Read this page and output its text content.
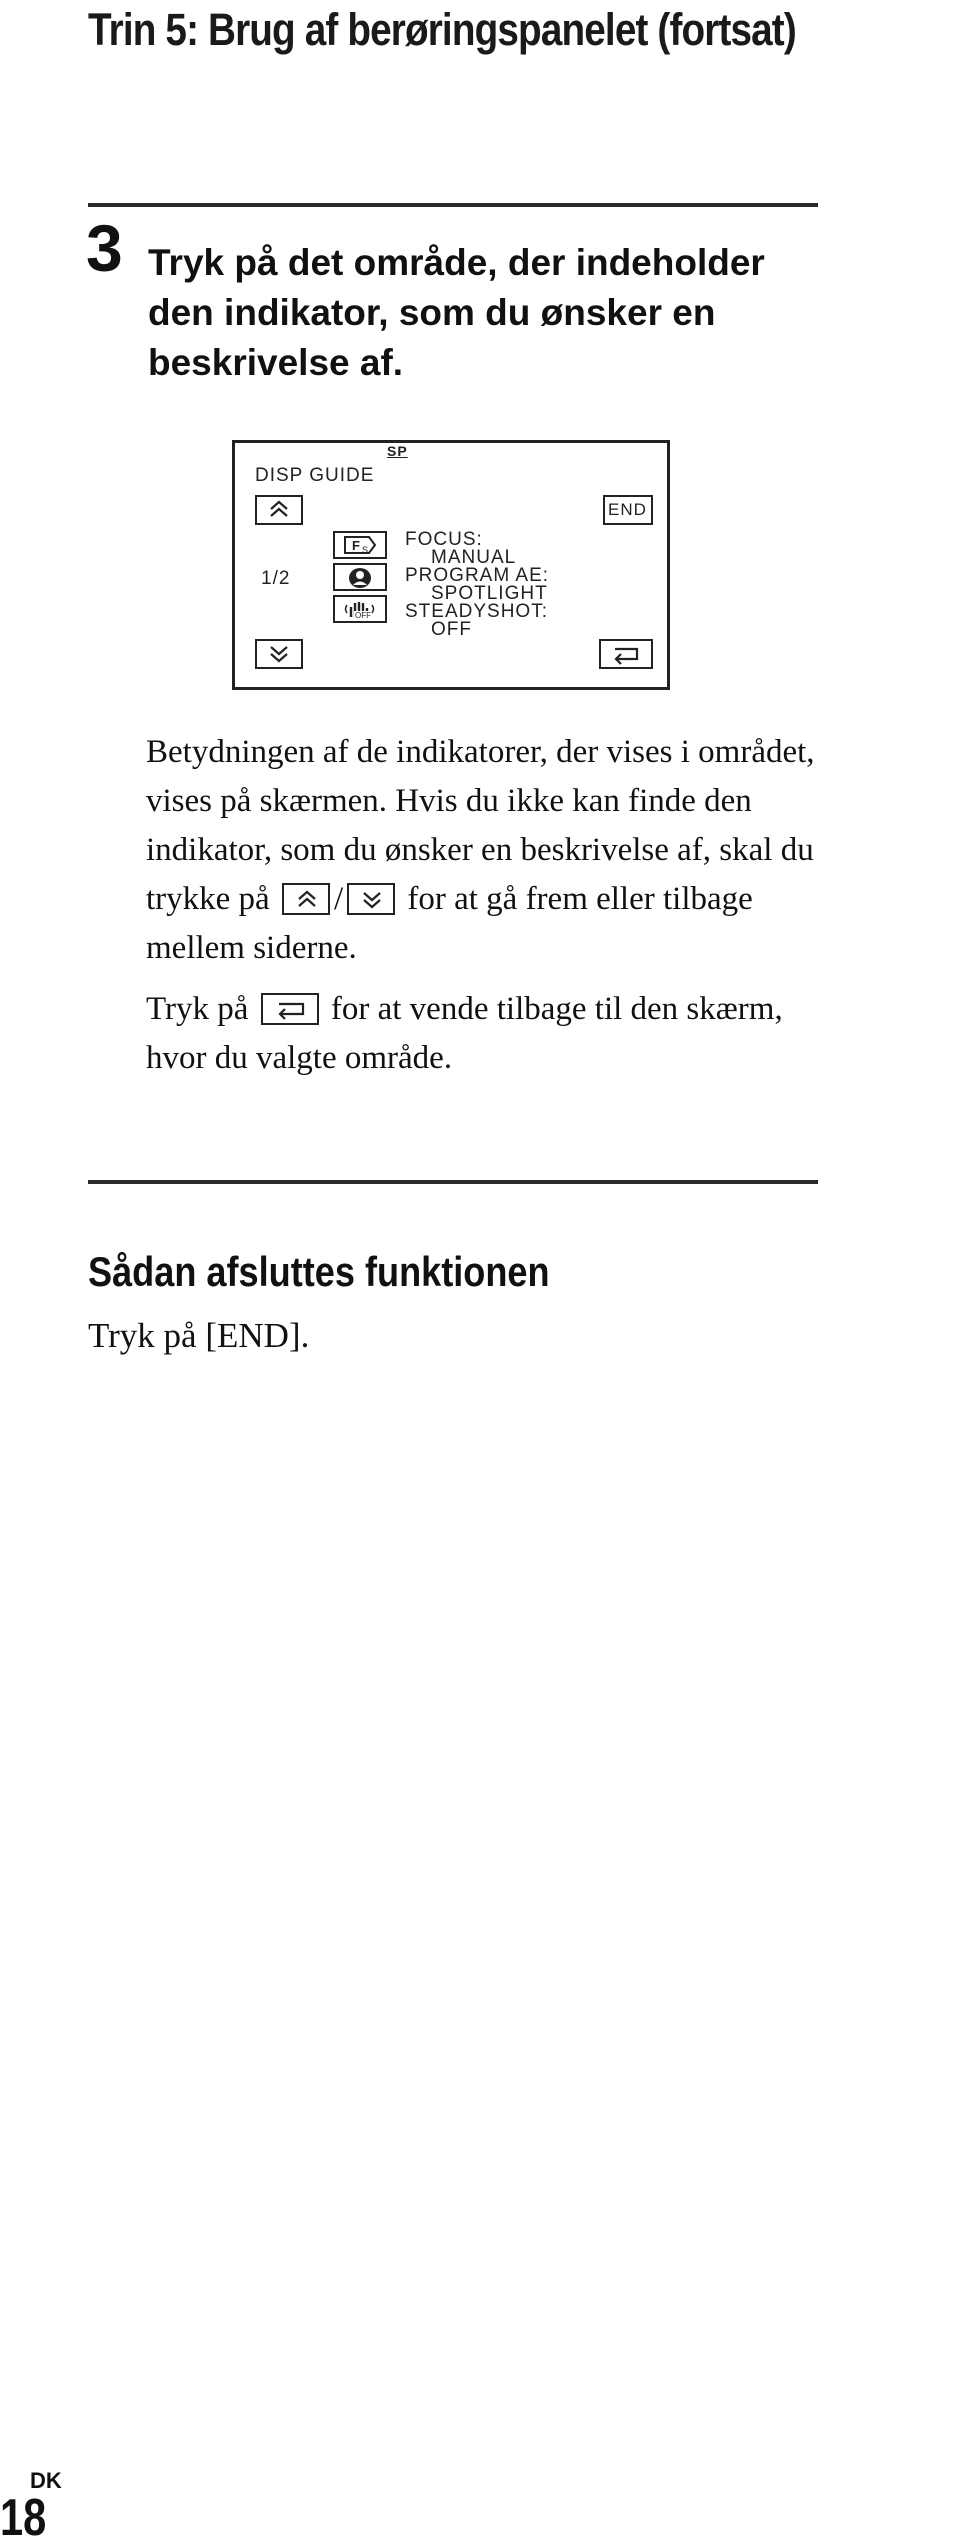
Trin 5: Brug af berøringspanelet (fortsat)
3 Tryk på det område, der indeholder den indikator, som du ønsker en beskrivelse af.
SP
DISP GUIDE
END
1/2
F S
OFF
FOCUS:
MANUAL
PROGRAM AE:
SPOTLIGHT
STEADYSHOT:
OFF

Betydningen af de indikatorer, der vises i området, vises på skærmen. Hvis du ikke kan finde den indikator, som du ønsker en beskrivelse af, skal du trykke på / for at gå frem eller tilbage mellem siderne.

Tryk på	for at vende tilbage til den skærm, hvor du valgte område.

Sådan afsluttes funktionen
Tryk på [END].
DK
18
